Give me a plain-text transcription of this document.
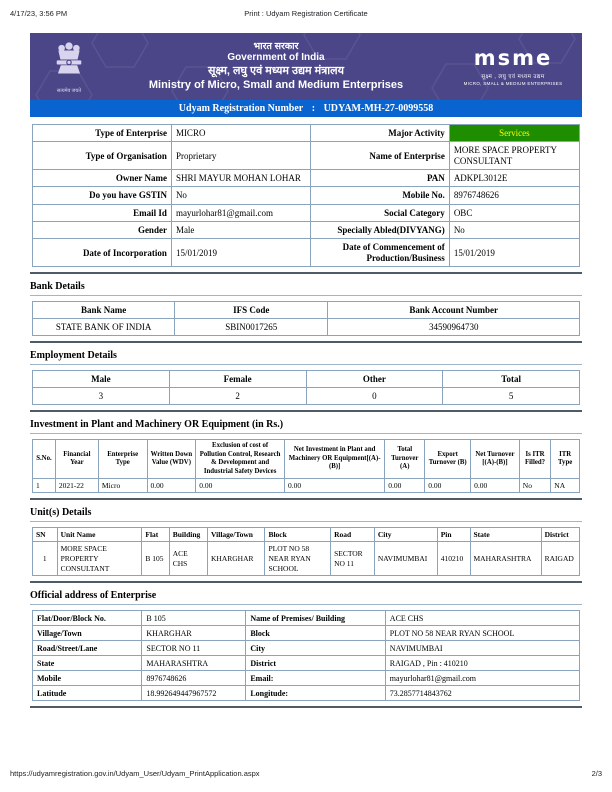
4/17/23, 3:56 PM	Print : Udyam Registration Certificate
सत्यमेव जयते
भारत सरकार
Government of India
सूक्ष्म, लघु एवं मध्यम उद्यम मंत्रालय
Ministry of Micro, Small and Medium Enterprises
msme
सूक्ष्म , लघु एवं मध्यम उद्यम
MICRO, SMALL & MEDIUM ENTERPRISES
Udyam Registration Number : UDYAM-MH-27-0099558
Type of Enterprise	MICRO	Major Activity	Services
Type of Organisation	Proprietary	Name of Enterprise	MORE SPACE PROPERTY CONSULTANT
Owner Name	SHRI MAYUR MOHAN LOHAR	PAN	ADKPL3012E
Do you have GSTIN	No	Mobile No.	8976748626
Email Id	mayurlohar81@gmail.com	Social Category	OBC
Gender	Male	Specially Abled(DIVYANG)	No
Date of Incorporation	15/01/2019	Date of Commencement of Production/Business	15/01/2019
Bank Details
Bank Name	IFS Code	Bank Account Number
STATE BANK OF INDIA	SBIN0017265	34590964730
Employment Details
Male	Female	Other	Total
3	2	0	5
Investment in Plant and Machinery OR Equipment (in Rs.)
S.No.	Financial Year	Enterprise Type	Written Down Value (WDV)	Exclusion of cost of Pollution Control, Research & Development and Industrial Safety Devices	Net Investment in Plant and Machinery OR Equipment[(A)-(B)]	Total Turnover (A)	Export Turnover (B)	Net Turnover [(A)-(B)]	Is ITR Filled?	ITR Type
1	2021-22	Micro	0.00	0.00	0.00	0.00	0.00	0.00	No	NA
Unit(s) Details
SN	Unit Name	Flat	Building	Village/Town	Block	Road	City	Pin	State	District
1	MORE SPACE PROPERTY CONSULTANT	B 105	ACE CHS	KHARGHAR	PLOT NO 58 NEAR RYAN SCHOOL	SECTOR NO 11	NAVIMUMBAI	410210	MAHARASHTRA	RAIGAD
Official address of Enterprise
Flat/Door/Block No.	B 105	Name of Premises/ Building	ACE CHS
Village/Town	KHARGHAR	Block	PLOT NO 58 NEAR RYAN SCHOOL
Road/Street/Lane	SECTOR NO 11	City	NAVIMUMBAI
State	MAHARASHTRA	District	RAIGAD , Pin : 410210
Mobile	8976748626	Email:	mayurlohar81@gmail.com
Latitude	18.992649447967572	Longitude:	73.2857714843762
https://udyamregistration.gov.in/Udyam_User/Udyam_PrintApplication.aspx	2/3
